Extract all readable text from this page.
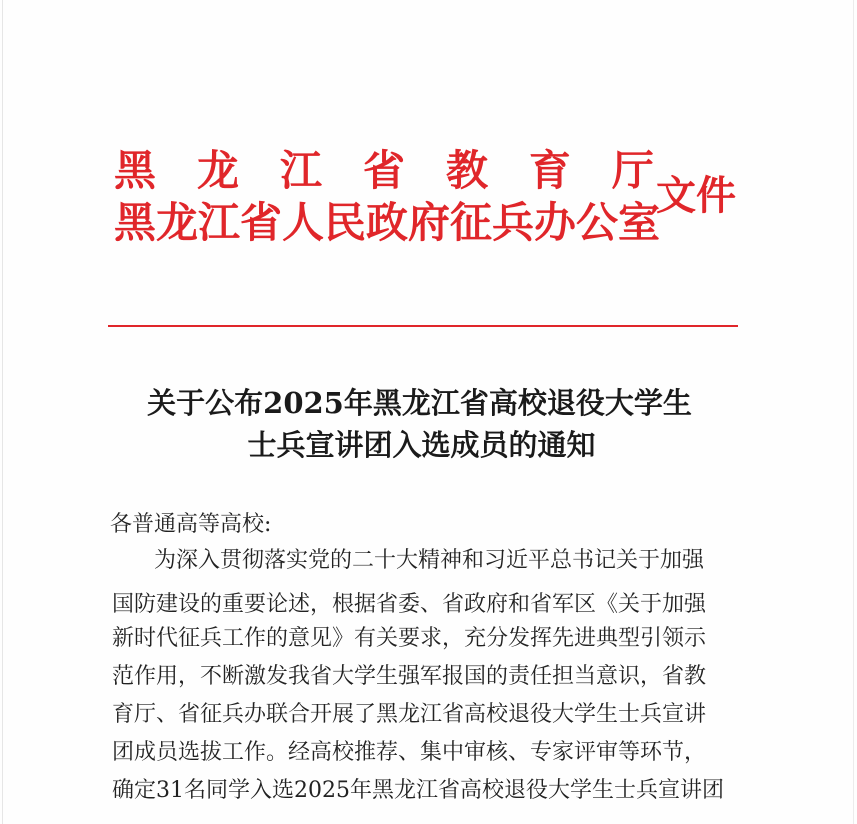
黑 龙 江 省 教 育 厅
黑龙江省人民政府征兵办公室
文件
关于公布2025年黑龙江省高校退役大学生
士兵宣讲团入选成员的通知
各普通高等高校:
为深入贯彻落实党的二十大精神和习近平总书记关于加强
国防建设的重要论述，根据省委、省政府和省军区《关于加强
新时代征兵工作的意见》有关要求，充分发挥先进典型引领示
范作用，不断激发我省大学生强军报国的责任担当意识，省教
育厅、省征兵办联合开展了黑龙江省高校退役大学生士兵宣讲
团成员选拔工作。经高校推荐、集中审核、专家评审等环节，
确定31名同学入选2025年黑龙江省高校退役大学生士兵宣讲团
